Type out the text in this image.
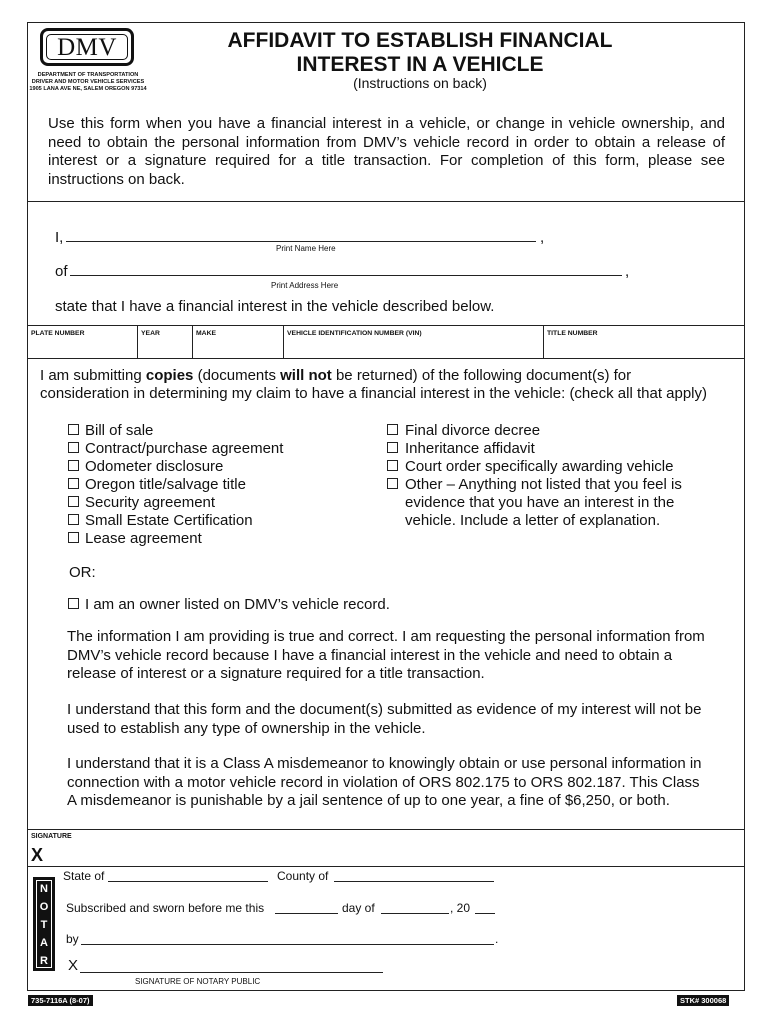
DMV
DEPARTMENT OF TRANSPORTATION
DRIVER AND MOTOR VEHICLE SERVICES
1905 LANA AVE NE, SALEM OREGON 97314
AFFIDAVIT TO ESTABLISH FINANCIAL
INTEREST IN A VEHICLE
(Instructions on back)
Use this form when you have a financial interest in a vehicle, or change in vehicle ownership, and need to obtain the personal information from DMV’s vehicle record in order to obtain a release of interest or a signature required for a title transaction. For completion of this form, please see instructions on back.
I,	,
Print Name Here
of	,
Print Address Here
state that I have a financial interest in the vehicle described below.
PLATE NUMBER	YEAR	MAKE	VEHICLE IDENTIFICATION NUMBER (VIN)	TITLE NUMBER
I am submitting copies (documents will not be returned) of the following document(s) for
consideration in determining my claim to have a financial interest in the vehicle: (check all that apply)
Bill of sale
Contract/purchase agreement
Odometer disclosure
Oregon title/salvage title
Security agreement
Small Estate Certification
Lease agreement
Final divorce decree
Inheritance affidavit
Court order specifically awarding vehicle
Other – Anything not listed that you feel is
evidence that you have an interest in the
vehicle. Include a letter of explanation.
OR:
I am an owner listed on DMV’s vehicle record.
The information I am providing is true and correct. I am requesting the personal information from DMV’s vehicle record because I have a financial interest in the vehicle and need to obtain a release of interest or a signature required for a title transaction.
I understand that this form and the document(s) submitted as evidence of my interest will not be used to establish any type of ownership in the vehicle.
I understand that it is a Class A misdemeanor to knowingly obtain or use personal information in connection with a motor vehicle record in violation of ORS 802.175 to ORS 802.187. This Class A misdemeanor is punishable by a jail sentence of up to one year, a fine of $6,250, or both.
SIGNATURE
X
N
O
T
A
R
Y
State of	County of
Subscribed and sworn before me this	day of	, 20
by	.
X
SIGNATURE OF NOTARY PUBLIC
735-7116A (8-07)	STK# 300068
